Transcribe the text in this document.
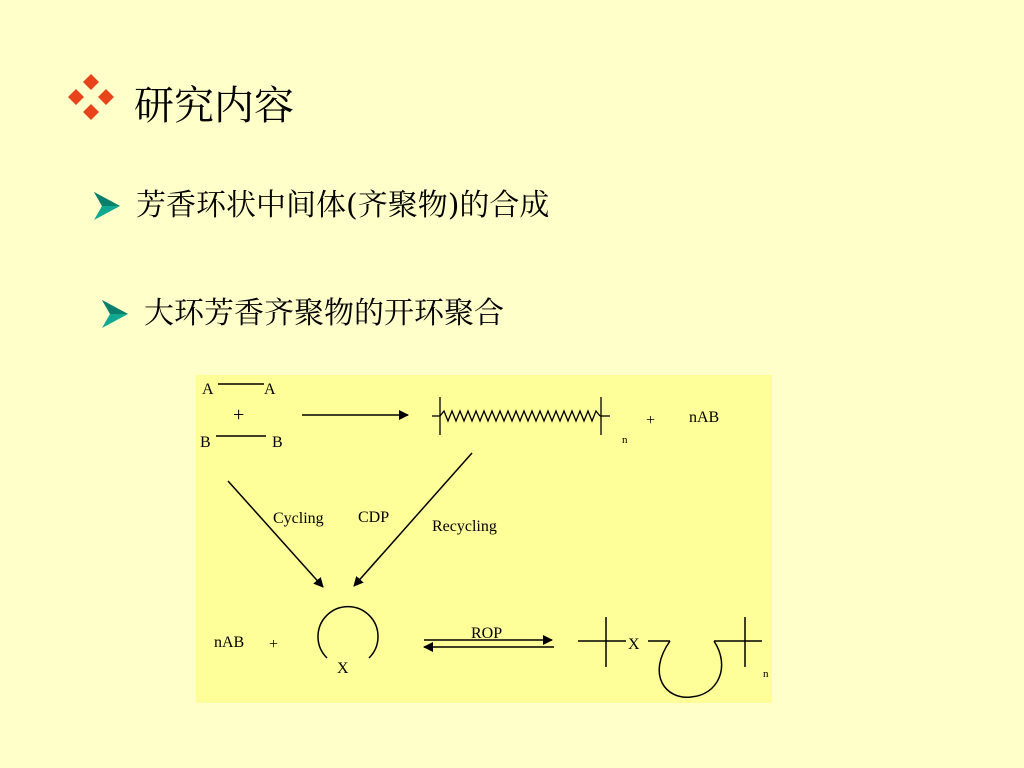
研究内容
芳香环状中间体(齐聚物)的合成
大环芳香齐聚物的开环聚合
A	A
+
B	B	n
+ nAB
Cycling CDP
Recycling
nAB +
X
ROP
X
n
